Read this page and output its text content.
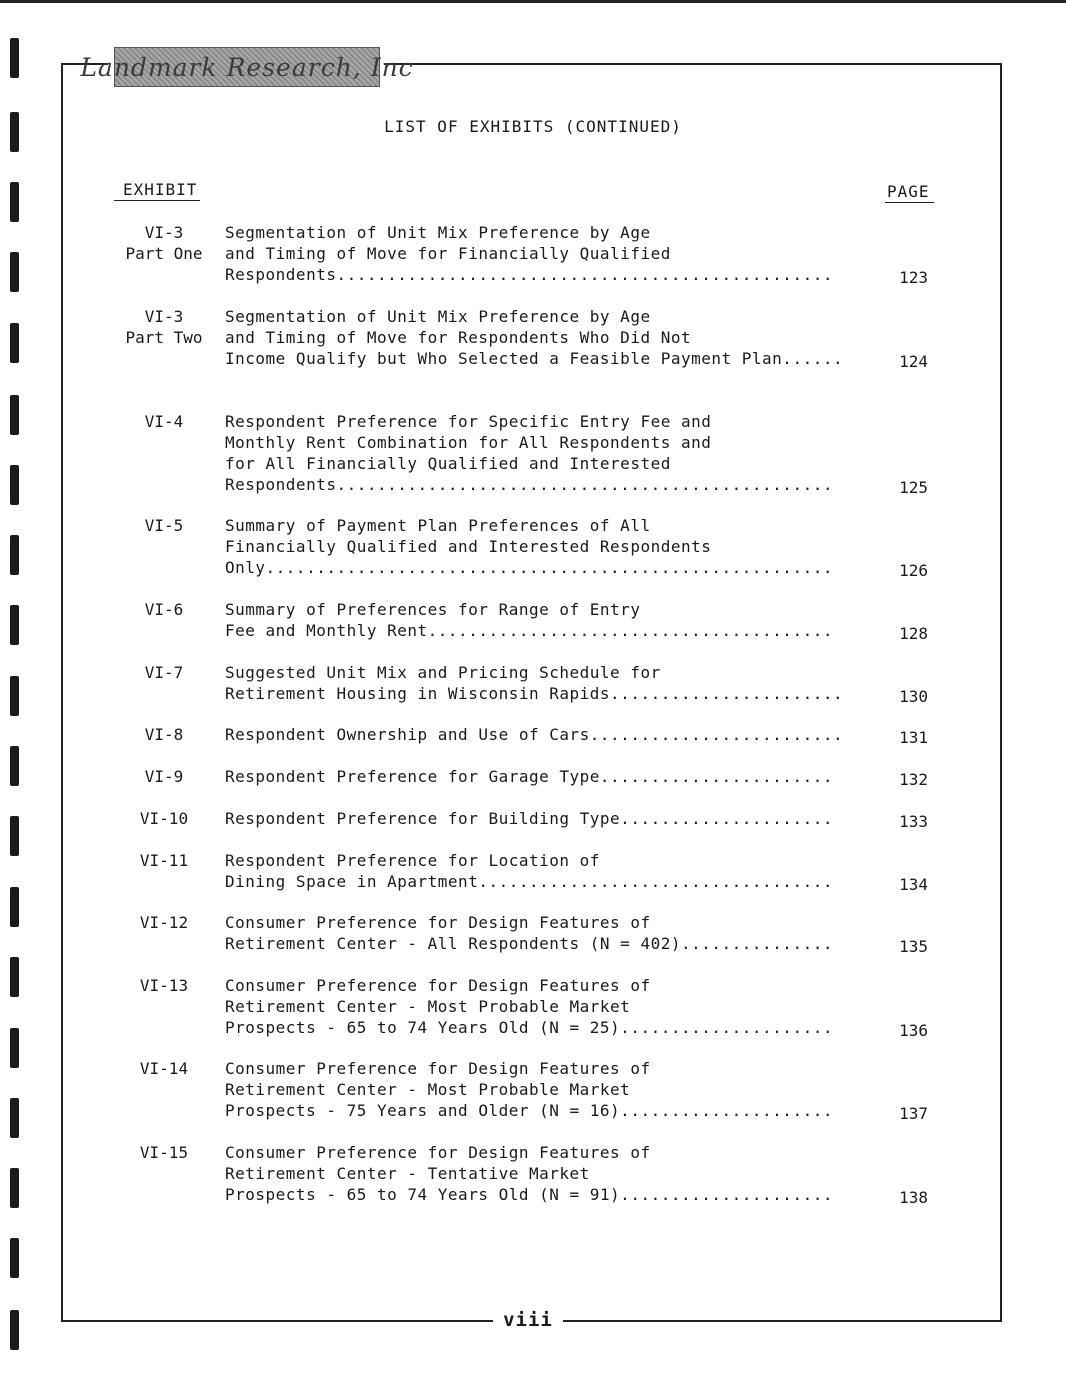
Landmark Research, Inc
LIST OF EXHIBITS (CONTINUED)
EXHIBIT	PAGE
VI-3
Part One
Segmentation of Unit Mix Preference by Age
and Timing of Move for Financially Qualified
Respondents.................................................	123
VI-3
Part Two
Segmentation of Unit Mix Preference by Age
and Timing of Move for Respondents Who Did Not
Income Qualify but Who Selected a Feasible Payment Plan......	124
VI-4	Respondent Preference for Specific Entry Fee and
Monthly Rent Combination for All Respondents and
for All Financially Qualified and Interested
Respondents.................................................	125
VI-5	Summary of Payment Plan Preferences of All
Financially Qualified and Interested Respondents
Only........................................................	126
VI-6	Summary of Preferences for Range of Entry
Fee and Monthly Rent........................................	128
VI-7	Suggested Unit Mix and Pricing Schedule for
Retirement Housing in Wisconsin Rapids.......................	130
VI-8	Respondent Ownership and Use of Cars.........................	131
VI-9	Respondent Preference for Garage Type.......................	132
VI-10	Respondent Preference for Building Type.....................	133
VI-11	Respondent Preference for Location of
Dining Space in Apartment...................................	134
VI-12	Consumer Preference for Design Features of
Retirement Center - All Respondents (N = 402)...............	135
VI-13	Consumer Preference for Design Features of
Retirement Center - Most Probable Market
Prospects - 65 to 74 Years Old (N = 25).....................	136
VI-14	Consumer Preference for Design Features of
Retirement Center - Most Probable Market
Prospects - 75 Years and Older (N = 16).....................	137
VI-15	Consumer Preference for Design Features of
Retirement Center - Tentative Market
Prospects - 65 to 74 Years Old (N = 91).....................	138
viii
